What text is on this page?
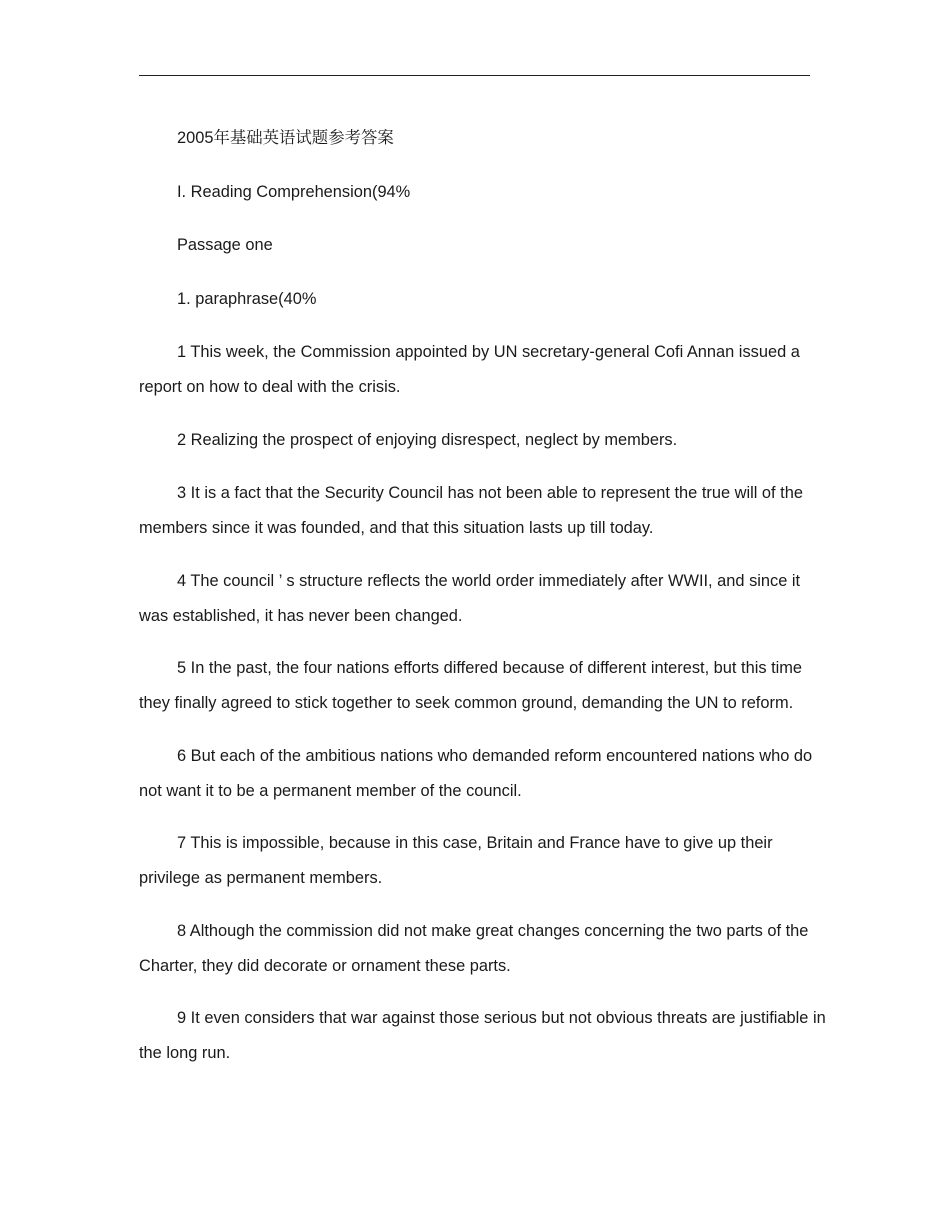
2005年基础英语试题参考答案

I. Reading Comprehension(94%

Passage one

1. paraphrase(40%

1 This week, the Commission appointed by UN secretary-general Cofi Annan issued a report on how to deal with the crisis.

2 Realizing the prospect of enjoying disrespect, neglect by members.

3 It is a fact that the Security Council has not been able to represent the true will of the members since it was founded, and that this situation lasts up till today.

4 The council ’ s structure reflects the world order immediately after WWII, and since it was established, it has never been changed.

5 In the past, the four nations efforts differed because of different interest, but this time they finally agreed to stick together to seek common ground, demanding the UN to reform.

6 But each of the ambitious nations who demanded reform encountered nations who do not want it to be a permanent member of the council.

7 This is impossible, because in this case, Britain and France have to give up their privilege as permanent members.

8 Although the commission did not make great changes concerning the two parts of the Charter, they did decorate or ornament these parts.

9 It even considers that war against those serious but not obvious threats are justifiable in the long run.
